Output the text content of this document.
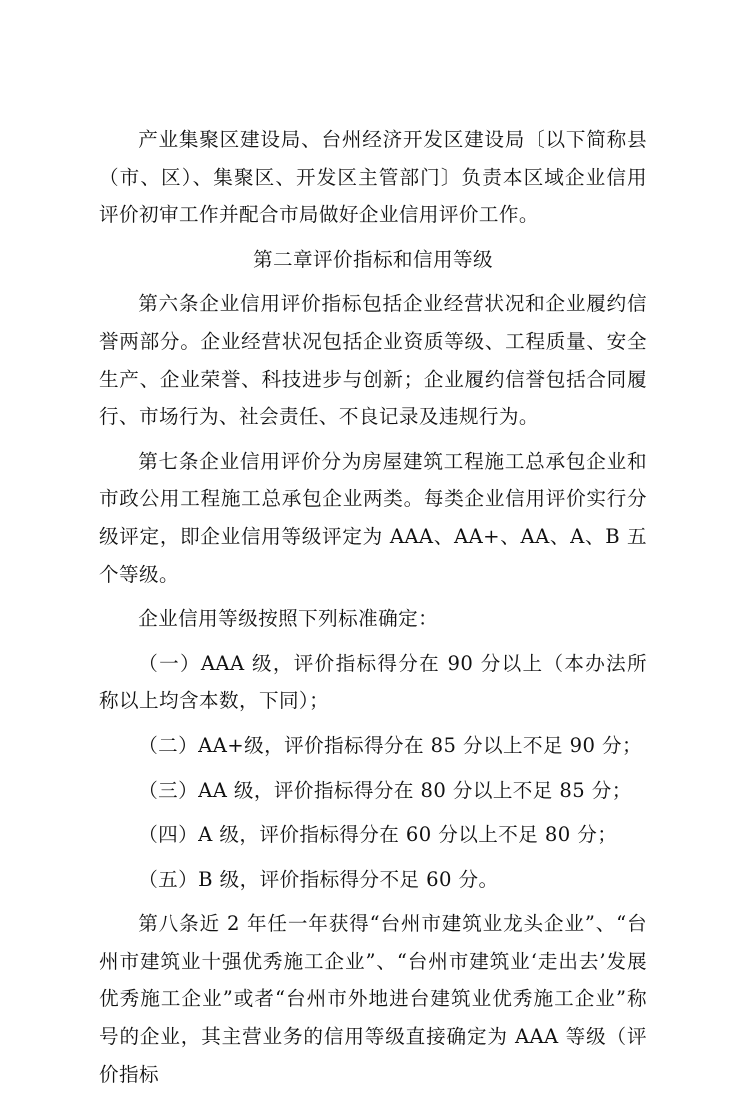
产业集聚区建设局、台州经济开发区建设局〔以下简称县（市、区）、集聚区、开发区主管部门〕负责本区域企业信用评价初审工作并配合市局做好企业信用评价工作。

第二章评价指标和信用等级

第六条企业信用评价指标包括企业经营状况和企业履约信誉两部分。企业经营状况包括企业资质等级、工程质量、安全生产、企业荣誉、科技进步与创新；企业履约信誉包括合同履行、市场行为、社会责任、不良记录及违规行为。

第七条企业信用评价分为房屋建筑工程施工总承包企业和市政公用工程施工总承包企业两类。每类企业信用评价实行分级评定，即企业信用等级评定为 AAA、AA+、AA、A、B 五个等级。

企业信用等级按照下列标准确定：

（一）AAA 级，评价指标得分在 90 分以上（本办法所称以上均含本数，下同）；

（二）AA+级，评价指标得分在 85 分以上不足 90 分；

（三）AA 级，评价指标得分在 80 分以上不足 85 分；

（四）A 级，评价指标得分在 60 分以上不足 80 分；

（五）B 级，评价指标得分不足 60 分。

第八条近 2 年任一年获得“台州市建筑业龙头企业”、“台州市建筑业十强优秀施工企业”、“台州市建筑业‘走出去’发展优秀施工企业”或者“台州市外地进台建筑业优秀施工企业”称号的企业，其主营业务的信用等级直接确定为 AAA 等级（评价指标
